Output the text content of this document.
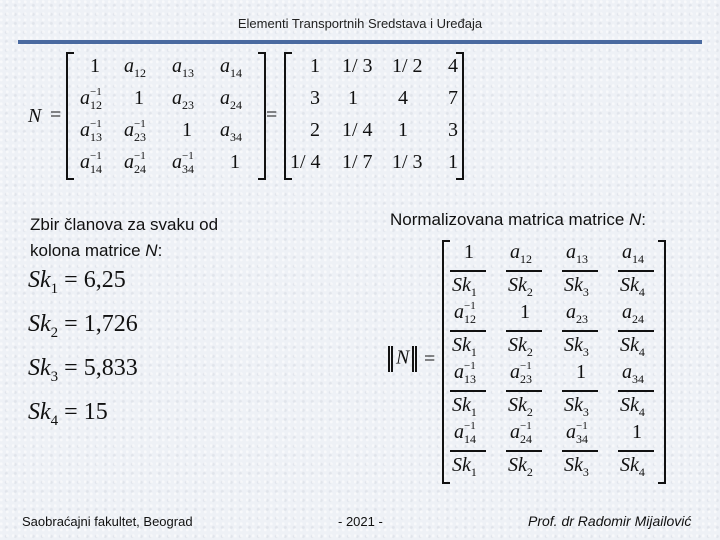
Elementi Transportnih Sredstava i Uređaja
N =
1 $a_{12}$ $a_{13}$ $a_{14}$
$a_{12}^{-1}$ 1 $a_{23}$ $a_{24}$
$a_{13}^{-1}$ $a_{23}^{-1}$ 1 $a_{34}$
$a_{14}^{-1}$ $a_{24}^{-1}$ $a_{34}^{-1}$ 1
=
1 1/ 3 1/ 2 4
3 1 4 7
2 1/ 4 1 3
1/ 4 1/ 7 1/ 3 1
Zbir članova za svaku od
kolona matrice N:
Normalizovana matrica matrice N:
$Sk_1 = 6,25$
$Sk_2 = 1,726$
$Sk_3 = 5,833$
$Sk_4 = 15$
‖ N ‖ =
1
$Sk_1$
$a_{12}$
$Sk_2$
$a_{13}$
$Sk_3$
$a_{14}$
$Sk_4$
$a_{12}^{-1}$
$Sk_1$
1
$Sk_2$
$a_{23}$
$Sk_3$
$a_{24}$
$Sk_4$
$a_{13}^{-1}$
$Sk_1$
$a_{23}^{-1}$
$Sk_2$
1
$Sk_3$
$a_{34}$
$Sk_4$
$a_{14}^{-1}$
$Sk_1$
$a_{24}^{-1}$
$Sk_2$
$a_{34}^{-1}$
$Sk_3$
1
$Sk_4$
Saobraćajni fakultet, Beograd	- 2021 -	Prof. dr Radomir Mijailović
